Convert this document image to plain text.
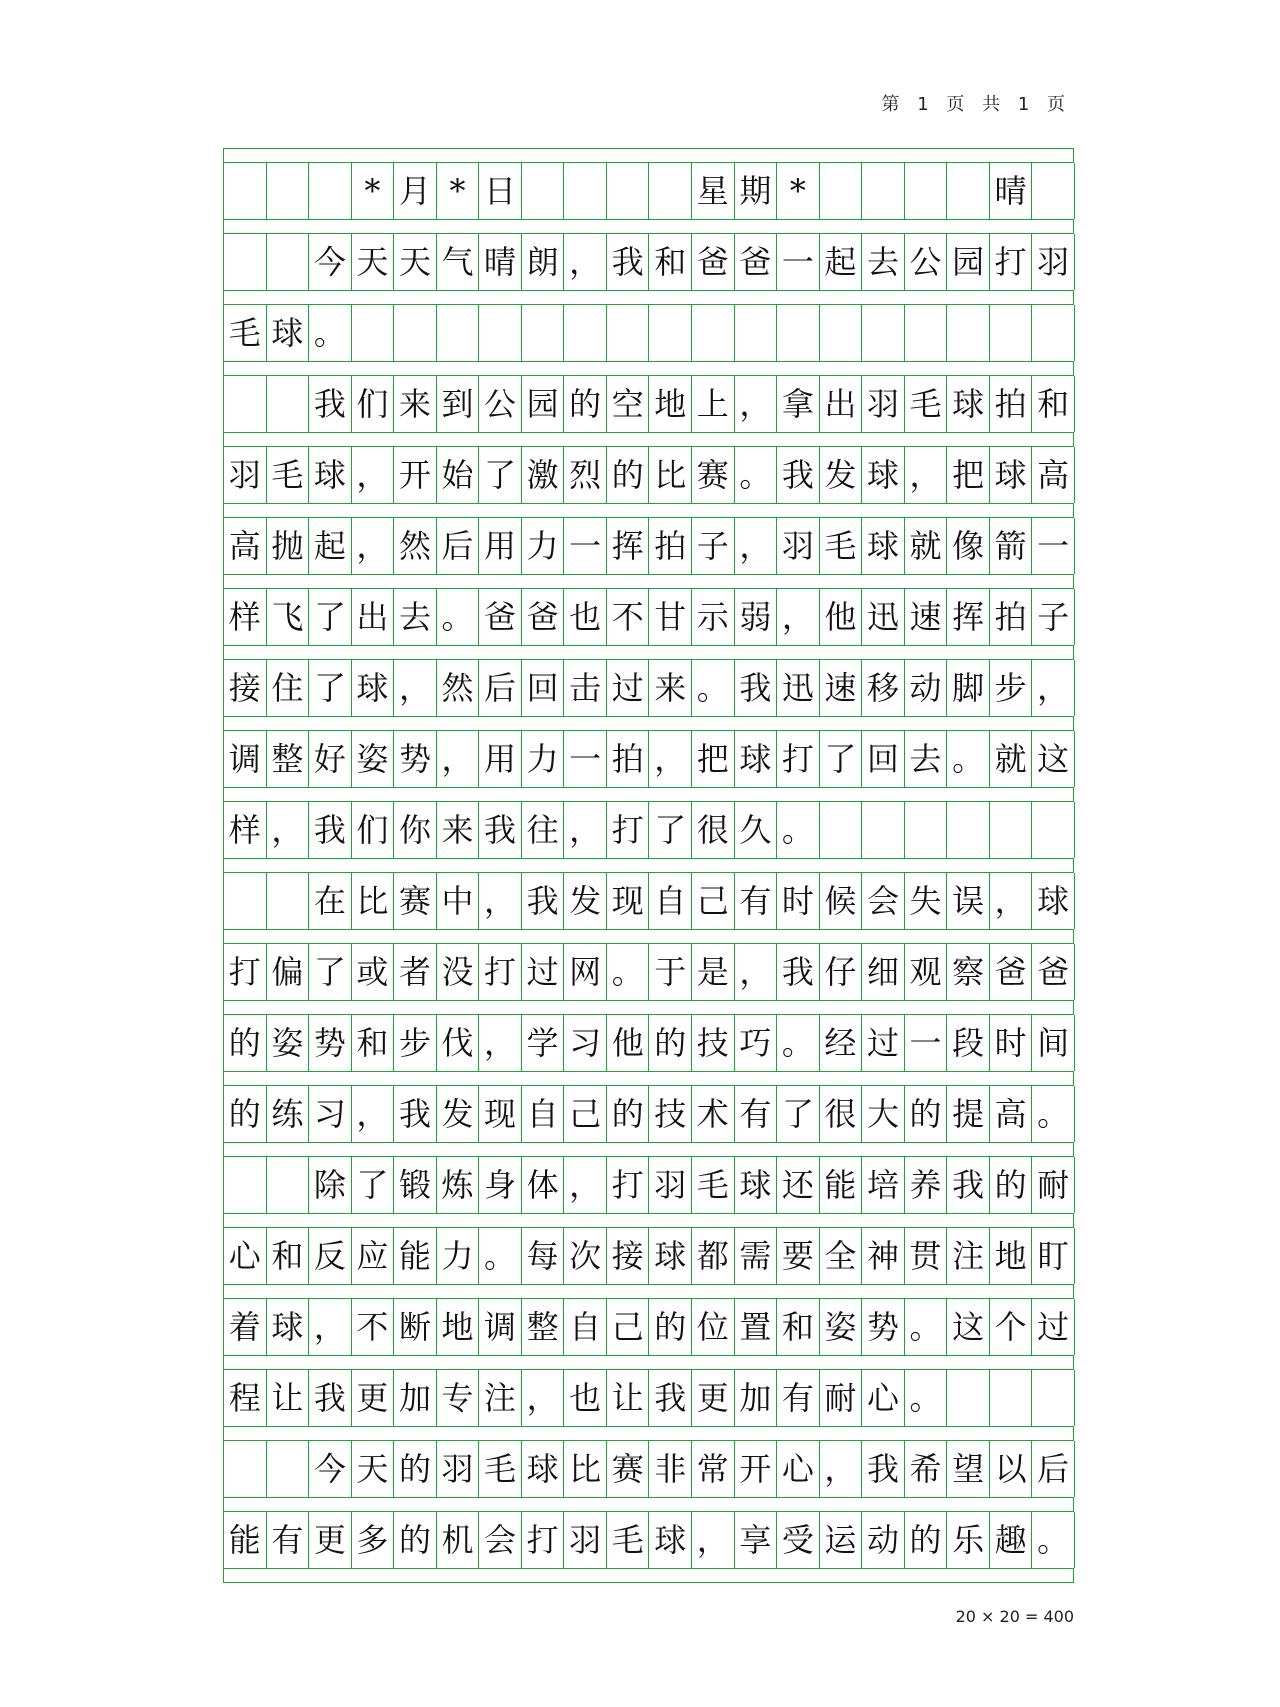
第 1 页 共 1 页
* 月 * 日	星 期 *	晴
今 天 天 气 晴 朗 ， 我 和 爸 爸 一 起 去 公 园 打 羽
毛 球 。
我 们 来 到 公 园 的 空 地 上 ， 拿 出 羽 毛 球 拍 和
羽 毛 球 ， 开 始 了 激 烈 的 比 赛 。 我 发 球 ， 把 球 高
高 抛 起 ， 然 后 用 力 一 挥 拍 子 ， 羽 毛 球 就 像 箭 一
样 飞 了 出 去 。 爸 爸 也 不 甘 示 弱 ， 他 迅 速 挥 拍 子
接 住 了 球 ， 然 后 回 击 过 来 。 我 迅 速 移 动 脚 步 ，
调 整 好 姿 势 ， 用 力 一 拍 ， 把 球 打 了 回 去 。 就 这
样 ， 我 们 你 来 我 往 ， 打 了 很 久 。
在 比 赛 中 ， 我 发 现 自 己 有 时 候 会 失 误 ， 球
打 偏 了 或 者 没 打 过 网 。 于 是 ， 我 仔 细 观 察 爸 爸
的 姿 势 和 步 伐 ， 学 习 他 的 技 巧 。 经 过 一 段 时 间
的 练 习 ， 我 发 现 自 己 的 技 术 有 了 很 大 的 提 高 。
除 了 锻 炼 身 体 ， 打 羽 毛 球 还 能 培 养 我 的 耐
心 和 反 应 能 力 。 每 次 接 球 都 需 要 全 神 贯 注 地 盯
着 球 ， 不 断 地 调 整 自 己 的 位 置 和 姿 势 。 这 个 过
程 让 我 更 加 专 注 ， 也 让 我 更 加 有 耐 心 。
今 天 的 羽 毛 球 比 赛 非 常 开 心 ， 我 希 望 以 后
能 有 更 多 的 机 会 打 羽 毛 球 ， 享 受 运 动 的 乐 趣 。
20 × 20 = 400
